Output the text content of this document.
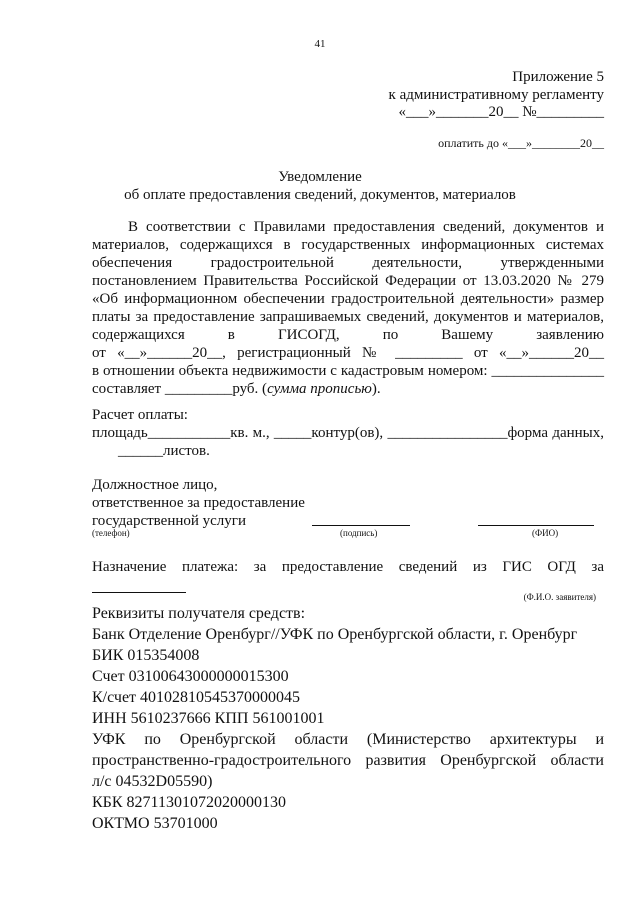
41
Приложение 5
к административному регламенту
«___»_______20__ №_________
оплатить до «___»________20__
Уведомление
об оплате предоставления сведений, документов, материалов
В соответствии с Правилами предоставления сведений, документов и
материалов, содержащихся в государственных информационных системах
обеспечения градостроительной деятельности, утвержденными
постановлением Правительства Российской Федерации от 13.03.2020 № 279
«Об информационном обеспечении градостроительной деятельности» размер
платы за предоставление запрашиваемых сведений, документов и материалов,
содержащихся в ГИСОГД, по Вашему заявлению
от «__»______20__, регистрационный № _________ от «__»______20__
в отношении объекта недвижимости с кадастровым номером: _______________
составляет _________руб. (сумма прописью).
Расчет оплаты:
площадь___________кв. м., _____контур(ов), ________________форма данных,
______листов.
Должностное лицо,
ответственное за предоставление
государственной услуги
(телефон)	(подпись)	(ФИО)
Назначение платежа: за предоставление сведений из ГИС ОГД за
(Ф.И.О. заявителя)
Реквизиты получателя средств:
Банк Отделение Оренбург//УФК по Оренбургской области, г. Оренбург
БИК 015354008
Счет 03100643000000015300
К/счет 40102810545370000045
ИНН 5610237666 КПП 561001001
УФК по Оренбургской области (Министерство архитектуры и
пространственно-градостроительного развития Оренбургской области
л/с 04532D05590)
КБК 82711301072020000130
ОКТМО 53701000
